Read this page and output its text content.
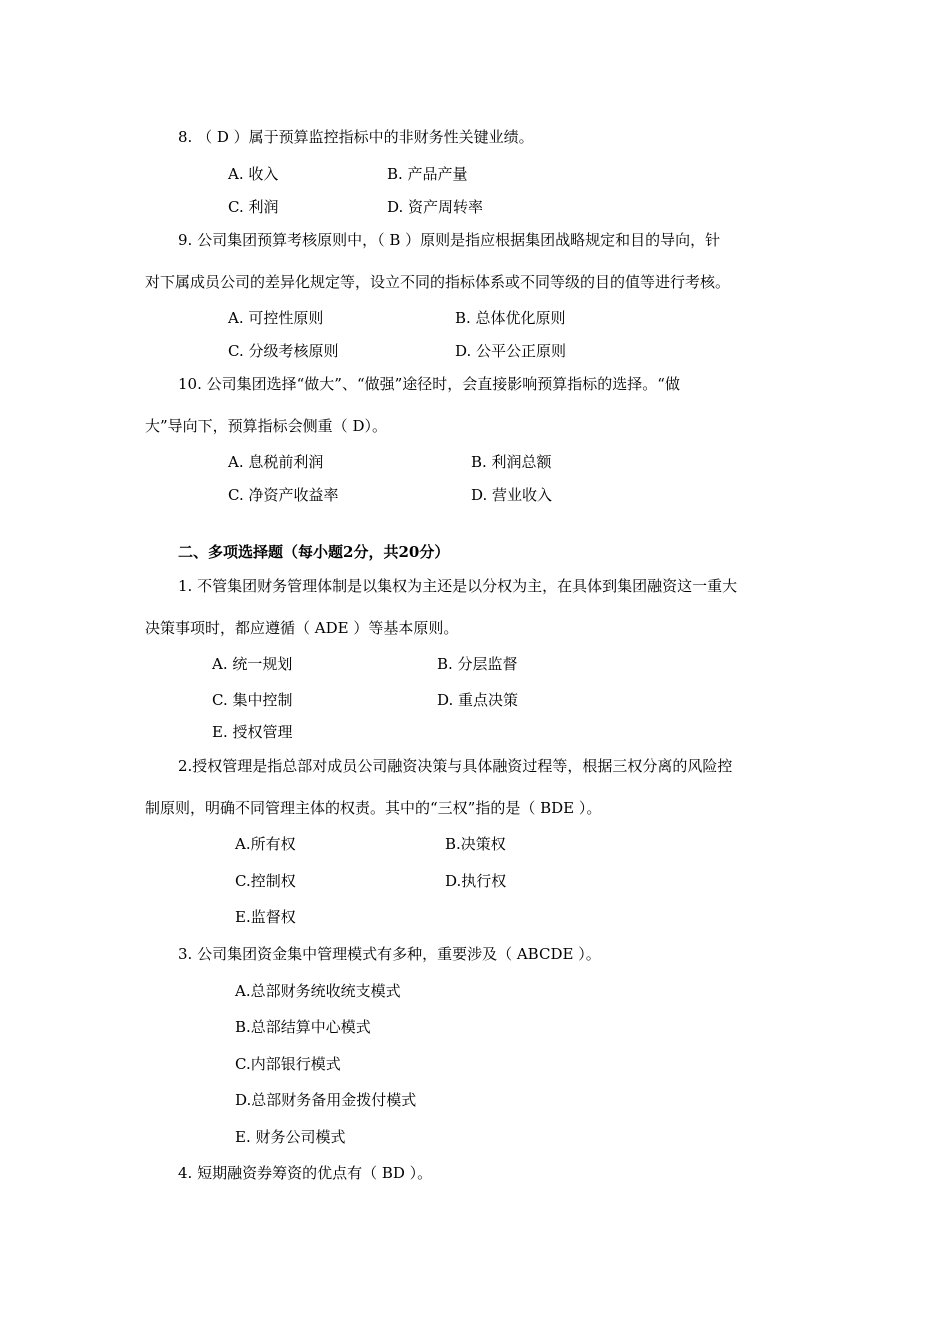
8. （ D ）属于预算监控指标中的非财务性关键业绩。
A. 收入	B. 产品产量
C. 利润	D. 资产周转率
9. 公司集团预算考核原则中，（ B ）原则是指应根据集团战略规定和目的导向，针
对下属成员公司的差异化规定等，设立不同的指标体系或不同等级的目的值等进行考核。
A. 可控性原则	B. 总体优化原则
C. 分级考核原则	D. 公平公正原则
10. 公司集团选择“做大”、“做强”途径时，会直接影响预算指标的选择。“做
大”导向下，预算指标会侧重（ D）。
A. 息税前利润	B. 利润总额
C. 净资产收益率	D. 营业收入
二、多项选择题（每小题2分，共20分）
1. 不管集团财务管理体制是以集权为主还是以分权为主，在具体到集团融资这一重大
决策事项时，都应遵循（ ADE ）等基本原则。
A. 统一规划	B. 分层监督
C. 集中控制	D. 重点决策
E. 授权管理
2.授权管理是指总部对成员公司融资决策与具体融资过程等，根据三权分离的风险控
制原则，明确不同管理主体的权责。其中的“三权”指的是（ BDE ）。
A.所有权	B.决策权
C.控制权	D.执行权
E.监督权
3. 公司集团资金集中管理模式有多种，重要涉及（ ABCDE ）。
A.总部财务统收统支模式
B.总部结算中心模式
C.内部银行模式
D.总部财务备用金拨付模式
E. 财务公司模式
4. 短期融资券筹资的优点有（ BD ）。
